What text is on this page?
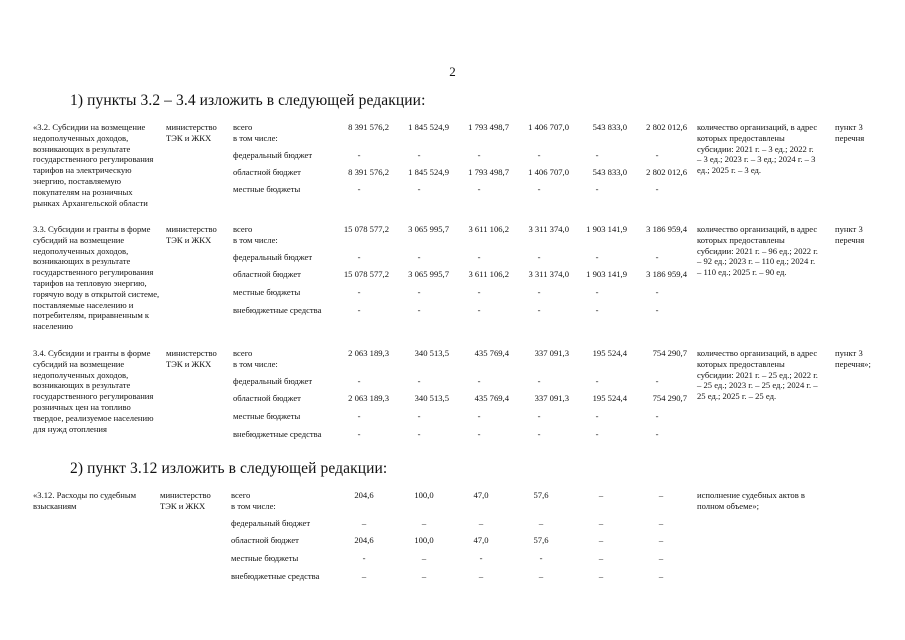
2
1) пункты 3.2 – 3.4 изложить в следующей редакции:
2) пункт 3.12 изложить в следующей редакции:
«3.2. Субсидии на возмещение недополученных доходов, возникающих в результате государственного регулирования тарифов на электрическую энергию, поставляемую покупателям на розничных рынках Архангельской области
министерство ТЭК и ЖКХ
количество организаций, в адрес которых предоставлены субсидии: 2021 г. – 3 ед.; 2022 г. – 3 ед.; 2023 г. – 3 ед.; 2024 г. – 3 ед.; 2025 г. – 3 ед.
пункт 3 перечня
всего
в том числе:
8 391 576,2	1 845 524,9	1 793 498,7	1 406 707,0	543 833,0	2 802 012,6
федеральный бюджет	-	-	-	-	-	-
областной бюджет	8 391 576,2	1 845 524,9	1 793 498,7	1 406 707,0	543 833,0	2 802 012,6
местные бюджеты	-	-	-	-	-	-
3.3. Субсидии и гранты в форме субсидий на возмещение недополученных доходов, возникающих в результате государственного регулирования тарифов на тепловую энергию, горячую воду в открытой системе, поставляемые населению и потребителям, приравненным к населению
министерство ТЭК и ЖКХ
количество организаций, в адрес которых предоставлены субсидии: 2021 г. – 96 ед.; 2022 г. – 92 ед.; 2023 г. – 110 ед.; 2024 г. – 110 ед.; 2025 г. – 90 ед.
пункт 3 перечня
всего
в том числе:
15 078 577,2	3 065 995,7	3 611 106,2	3 311 374,0	1 903 141,9	3 186 959,4
федеральный бюджет	-	-	-	-	-	-
областной бюджет	15 078 577,2	3 065 995,7	3 611 106,2	3 311 374,0	1 903 141,9	3 186 959,4
местные бюджеты	-	-	-	-	-	-
внебюджетные средства	-	-	-	-	-	-
3.4. Субсидии и гранты в форме субсидий на возмещение недополученных доходов, возникающих в результате государственного регулирования розничных цен на топливо твердое, реализуемое населению для нужд отопления
министерство ТЭК и ЖКХ
количество организаций, в адрес которых предоставлены субсидии: 2021 г. – 25 ед.; 2022 г. – 25 ед.; 2023 г. – 25 ед.; 2024 г. – 25 ед.; 2025 г. – 25 ед.
пункт 3 перечня»;
всего
в том числе:
2 063 189,3	340 513,5	435 769,4	337 091,3	195 524,4	754 290,7
федеральный бюджет	-	-	-	-	-	-
областной бюджет	2 063 189,3	340 513,5	435 769,4	337 091,3	195 524,4	754 290,7
местные бюджеты	-	-	-	-	-	-
внебюджетные средства	-	-	-	-	-	-
«3.12. Расходы по судебным взысканиям
министерство ТЭК и ЖКХ
исполнение судебных актов в полном объеме»;
всего
в том числе:
204,6	100,0	47,0	57,6	–	–
федеральный бюджет	–	–	–	–	–	–
областной бюджет	204,6	100,0	47,0	57,6	–	–
местные бюджеты	-	–	-	-	–	–
внебюджетные средства	–	–	–	–	–	–
